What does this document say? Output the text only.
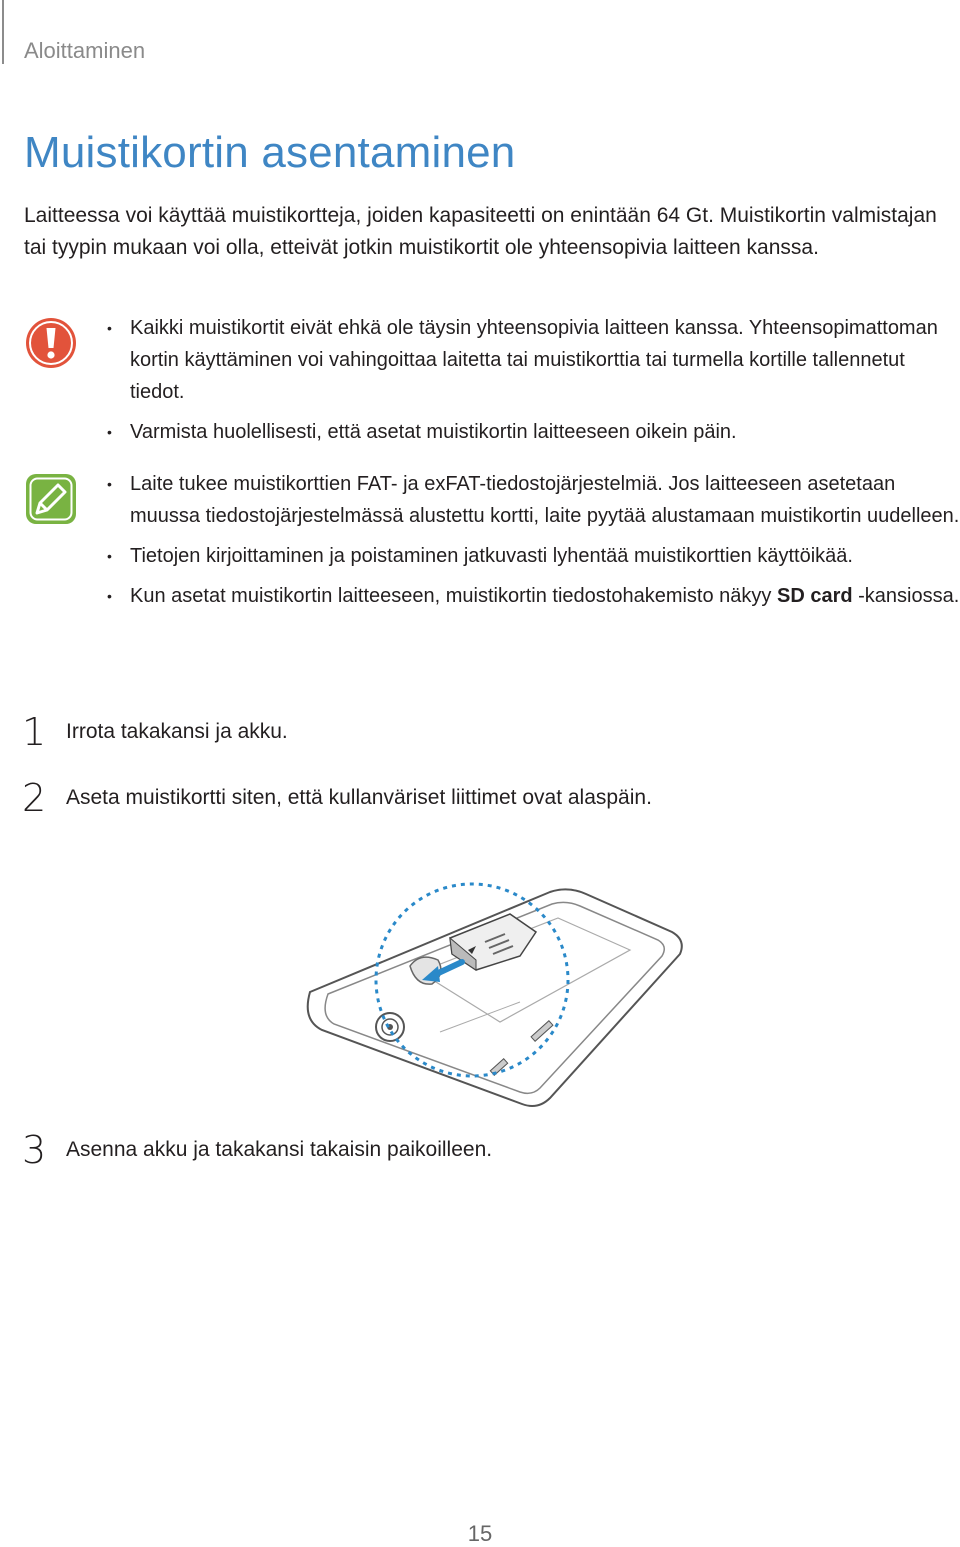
Aloittaminen
Muistikortin asentaminen

Laitteessa voi käyttää muistikortteja, joiden kapasiteetti on enintään 64 Gt. Muistikortin valmistajan tai tyypin mukaan voi olla, etteivät jotkin muistikortit ole yhteensopivia laitteen kanssa.

• Kaikki muistikortit eivät ehkä ole täysin yhteensopivia laitteen kanssa. Yhteensopimattoman kortin käyttäminen voi vahingoittaa laitetta tai muistikorttia tai turmella kortille tallennetut tiedot.
• Varmista huolellisesti, että asetat muistikortin laitteeseen oikein päin.
• Laite tukee muistikorttien FAT- ja exFAT-tiedostojärjestelmiä. Jos laitteeseen asetetaan muussa tiedostojärjestelmässä alustettu kortti, laite pyytää alustamaan muistikortin uudelleen.
• Tietojen kirjoittaminen ja poistaminen jatkuvasti lyhentää muistikorttien käyttöikää.
• Kun asetat muistikortin laitteeseen, muistikortin tiedostohakemisto näkyy SD card -kansiossa.
1 Irrota takakansi ja akku.
2 Aseta muistikortti siten, että kullanväriset liittimet ovat alaspäin.
3 Asenna akku ja takakansi takaisin paikoilleen.
15
